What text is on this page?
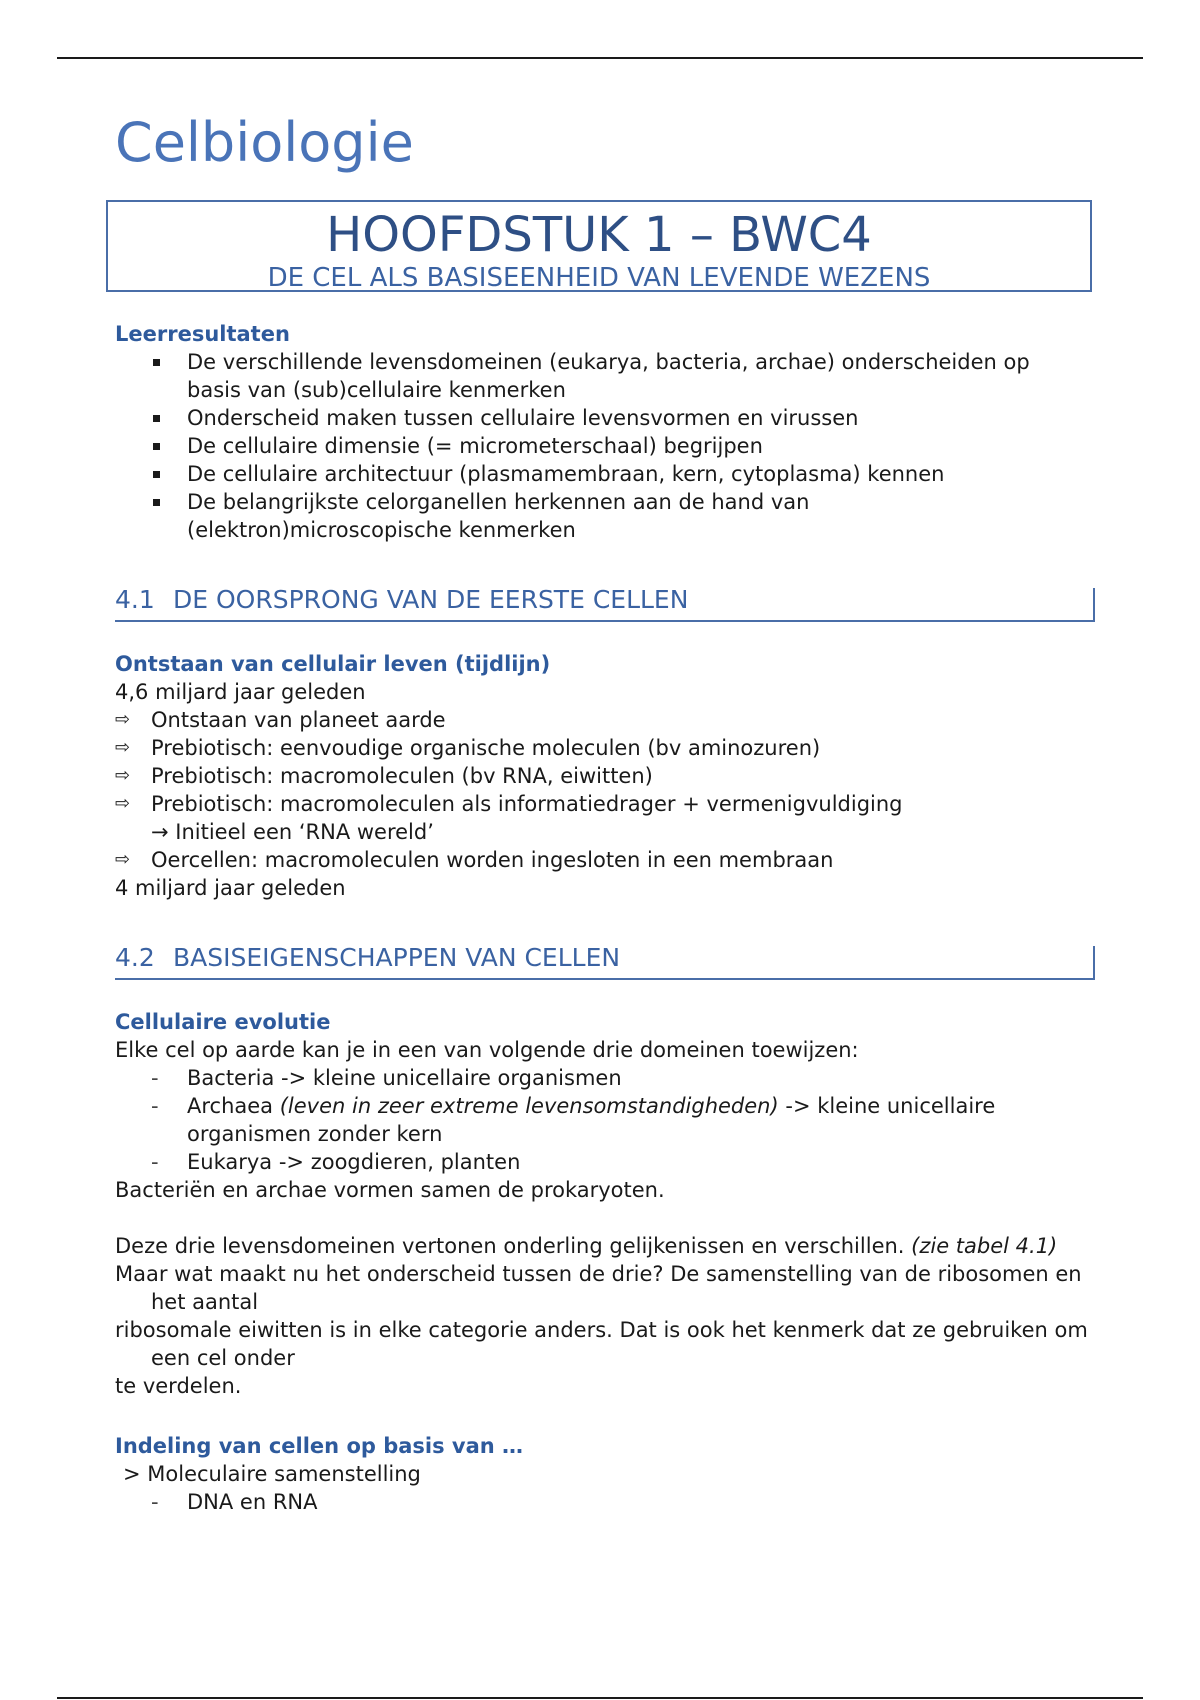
Celbiologie
HOOFDSTUK 1 – BWC4
DE CEL ALS BASISEENHEID VAN LEVENDE WEZENS
Leerresultaten
De verschillende levensdomeinen (eukarya, bacteria, archae) onderscheiden op
basis van (sub)cellulaire kenmerken
Onderscheid maken tussen cellulaire levensvormen en virussen
De cellulaire dimensie (= micrometerschaal) begrijpen
De cellulaire architectuur (plasmamembraan, kern, cytoplasma) kennen
De belangrijkste celorganellen herkennen aan de hand van
(elektron)microscopische kenmerken
4.1 DE OORSPRONG VAN DE EERSTE CELLEN
Ontstaan van cellulair leven (tijdlijn)
4,6 miljard jaar geleden
⇨ Ontstaan van planeet aarde
⇨ Prebiotisch: eenvoudige organische moleculen (bv aminozuren)
⇨ Prebiotisch: macromoleculen (bv RNA, eiwitten)
⇨ Prebiotisch: macromoleculen als informatiedrager + vermenigvuldiging
→ Initieel een ‘RNA wereld’
⇨ Oercellen: macromoleculen worden ingesloten in een membraan
4 miljard jaar geleden
4.2 BASISEIGENSCHAPPEN VAN CELLEN
Cellulaire evolutie
Elke cel op aarde kan je in een van volgende drie domeinen toewijzen:
- Bacteria -> kleine unicellaire organismen
- Archaea (leven in zeer extreme levensomstandigheden) -> kleine unicellaire
organismen zonder kern
- Eukarya -> zoogdieren, planten
Bacteriën en archae vormen samen de prokaryoten.
Deze drie levensdomeinen vertonen onderling gelijkenissen en verschillen. (zie tabel 4.1)
Maar wat maakt nu het onderscheid tussen de drie? De samenstelling van de ribosomen en het aantal
ribosomale eiwitten is in elke categorie anders. Dat is ook het kenmerk dat ze gebruiken om een cel onder
te verdelen.
Indeling van cellen op basis van …
> Moleculaire samenstelling
- DNA en RNA
